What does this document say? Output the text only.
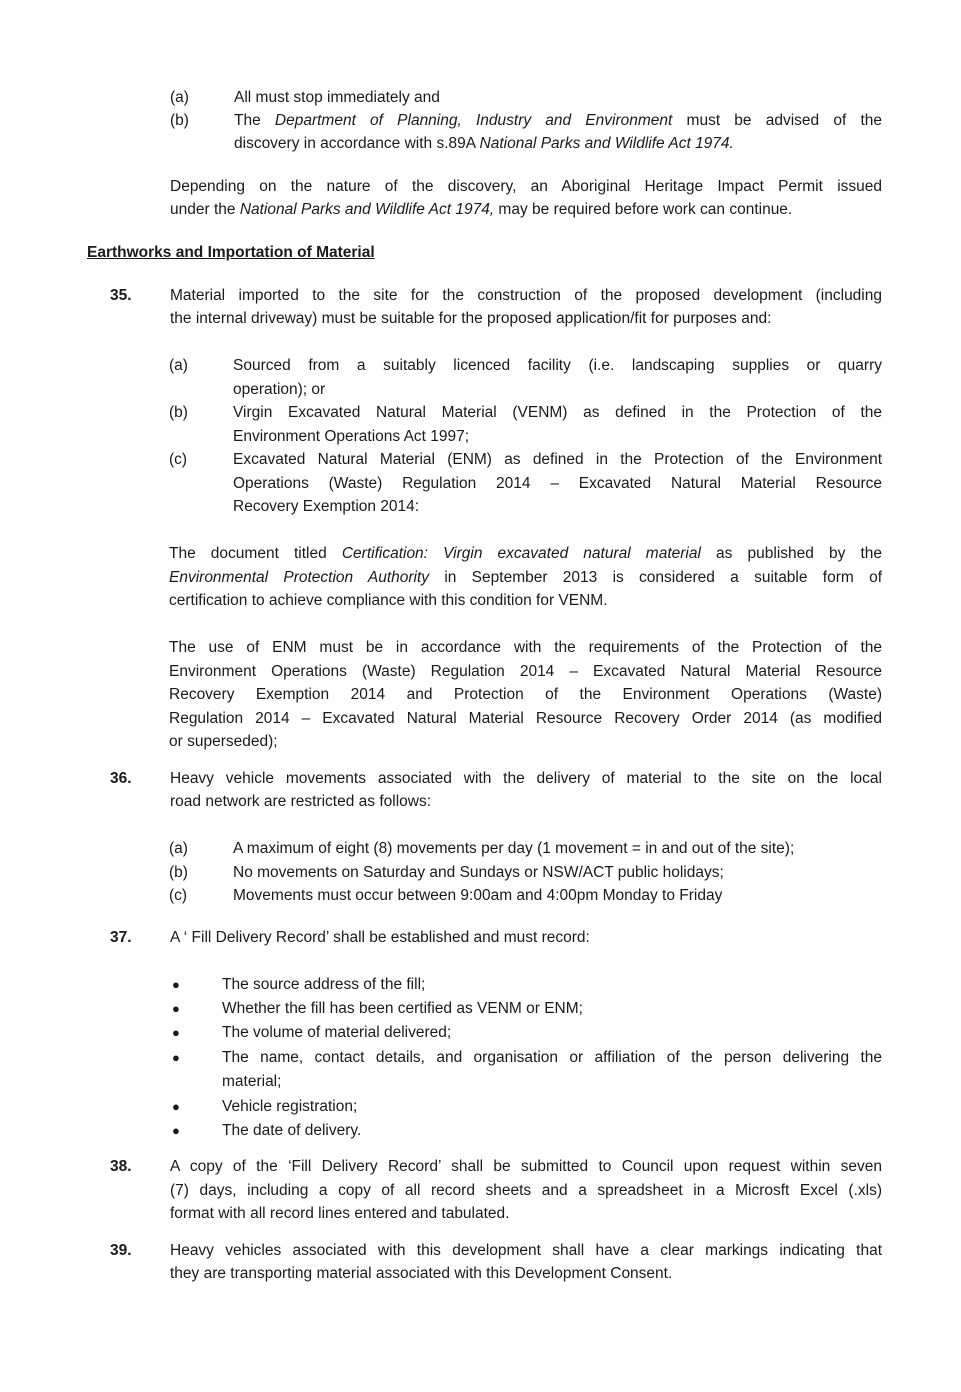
(a)	All must stop immediately and
(b)	The Department of Planning, Industry and Environment must be advised of the
discovery in accordance with s.89A National Parks and Wildlife Act 1974.
Depending on the nature of the discovery, an Aboriginal Heritage Impact Permit issued
under the National Parks and Wildlife Act 1974, may be required before work can continue.
Earthworks and Importation of Material
35. Material imported to the site for the construction of the proposed development (including
the internal driveway) must be suitable for the proposed application/fit for purposes and:
(a)	Sourced from a suitably licenced facility (i.e. landscaping supplies or quarry
operation); or
(b)	Virgin Excavated Natural Material (VENM) as defined in the Protection of the
Environment Operations Act 1997;
(c)	Excavated Natural Material (ENM) as defined in the Protection of the Environment
Operations (Waste) Regulation 2014 – Excavated Natural Material Resource
Recovery Exemption 2014:
The document titled Certification: Virgin excavated natural material as published by the
Environmental Protection Authority in September 2013 is considered a suitable form of
certification to achieve compliance with this condition for VENM.
The use of ENM must be in accordance with the requirements of the Protection of the
Environment Operations (Waste) Regulation 2014 – Excavated Natural Material Resource
Recovery Exemption 2014 and Protection of the Environment Operations (Waste)
Regulation 2014 – Excavated Natural Material Resource Recovery Order 2014 (as modified
or superseded);
36. Heavy vehicle movements associated with the delivery of material to the site on the local
road network are restricted as follows:
(a)	A maximum of eight (8) movements per day (1 movement = in and out of the site);
(b)	No movements on Saturday and Sundays or NSW/ACT public holidays;
(c)	Movements must occur between 9:00am and 4:00pm Monday to Friday
37. A ‘ Fill Delivery Record’ shall be established and must record:
●	The source address of the fill;
●	Whether the fill has been certified as VENM or ENM;
●	The volume of material delivered;
●	The name, contact details, and organisation or affiliation of the person delivering the
material;
●	Vehicle registration;
●	The date of delivery.
38. A copy of the ‘Fill Delivery Record’ shall be submitted to Council upon request within seven
(7) days, including a copy of all record sheets and a spreadsheet in a Microsft Excel (.xls)
format with all record lines entered and tabulated.
39. Heavy vehicles associated with this development shall have a clear markings indicating that
they are transporting material associated with this Development Consent.
